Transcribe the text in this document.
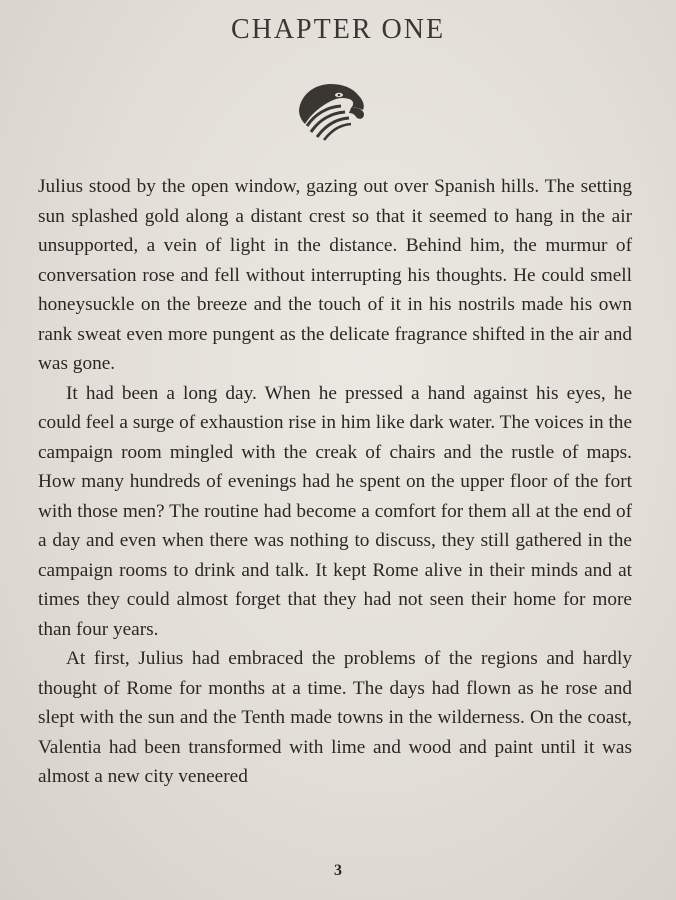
CHAPTER ONE

Julius stood by the open window, gazing out over Spanish hills. The setting sun splashed gold along a distant crest so that it seemed to hang in the air unsupported, a vein of light in the distance. Behind him, the murmur of conversation rose and fell without interrupting his thoughts. He could smell honeysuckle on the breeze and the touch of it in his nostrils made his own rank sweat even more pungent as the delicate fragrance shifted in the air and was gone.

It had been a long day. When he pressed a hand against his eyes, he could feel a surge of exhaustion rise in him like dark water. The voices in the campaign room mingled with the creak of chairs and the rustle of maps. How many hundreds of evenings had he spent on the upper floor of the fort with those men? The routine had become a comfort for them all at the end of a day and even when there was nothing to discuss, they still gathered in the campaign rooms to drink and talk. It kept Rome alive in their minds and at times they could almost forget that they had not seen their home for more than four years.

At first, Julius had embraced the problems of the regions and hardly thought of Rome for months at a time. The days had flown as he rose and slept with the sun and the Tenth made towns in the wilderness. On the coast, Valentia had been transformed with lime and wood and paint until it was almost a new city veneered

3
